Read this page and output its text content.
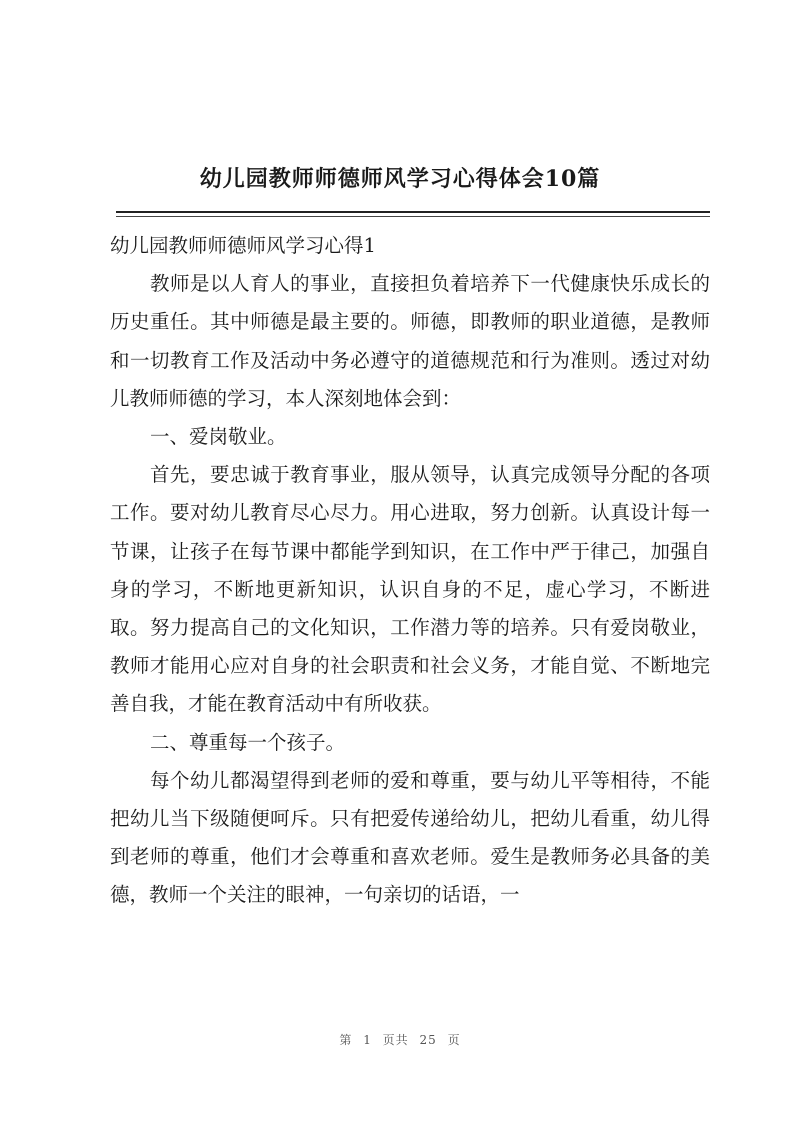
幼儿园教师师德师风学习心得体会10篇

幼儿园教师师德师风学习心得1

教师是以人育人的事业，直接担负着培养下一代健康快乐成长的历史重任。其中师德是最主要的。师德，即教师的职业道德，是教师和一切教育工作及活动中务必遵守的道德规范和行为准则。透过对幼儿教师师德的学习，本人深刻地体会到：

一、爱岗敬业。

首先，要忠诚于教育事业，服从领导，认真完成领导分配的各项工作。要对幼儿教育尽心尽力。用心进取，努力创新。认真设计每一节课，让孩子在每节课中都能学到知识，在工作中严于律己，加强自身的学习，不断地更新知识，认识自身的不足，虚心学习，不断进取。努力提高自己的文化知识，工作潜力等的培养。只有爱岗敬业，教师才能用心应对自身的社会职责和社会义务，才能自觉、不断地完善自我，才能在教育活动中有所收获。

二、尊重每一个孩子。

每个幼儿都渴望得到老师的爱和尊重，要与幼儿平等相待，不能把幼儿当下级随便呵斥。只有把爱传递给幼儿，把幼儿看重，幼儿得到老师的尊重，他们才会尊重和喜欢老师。爱生是教师务必具备的美德，教师一个关注的眼神，一句亲切的话语，一

第 1 页共 25 页
